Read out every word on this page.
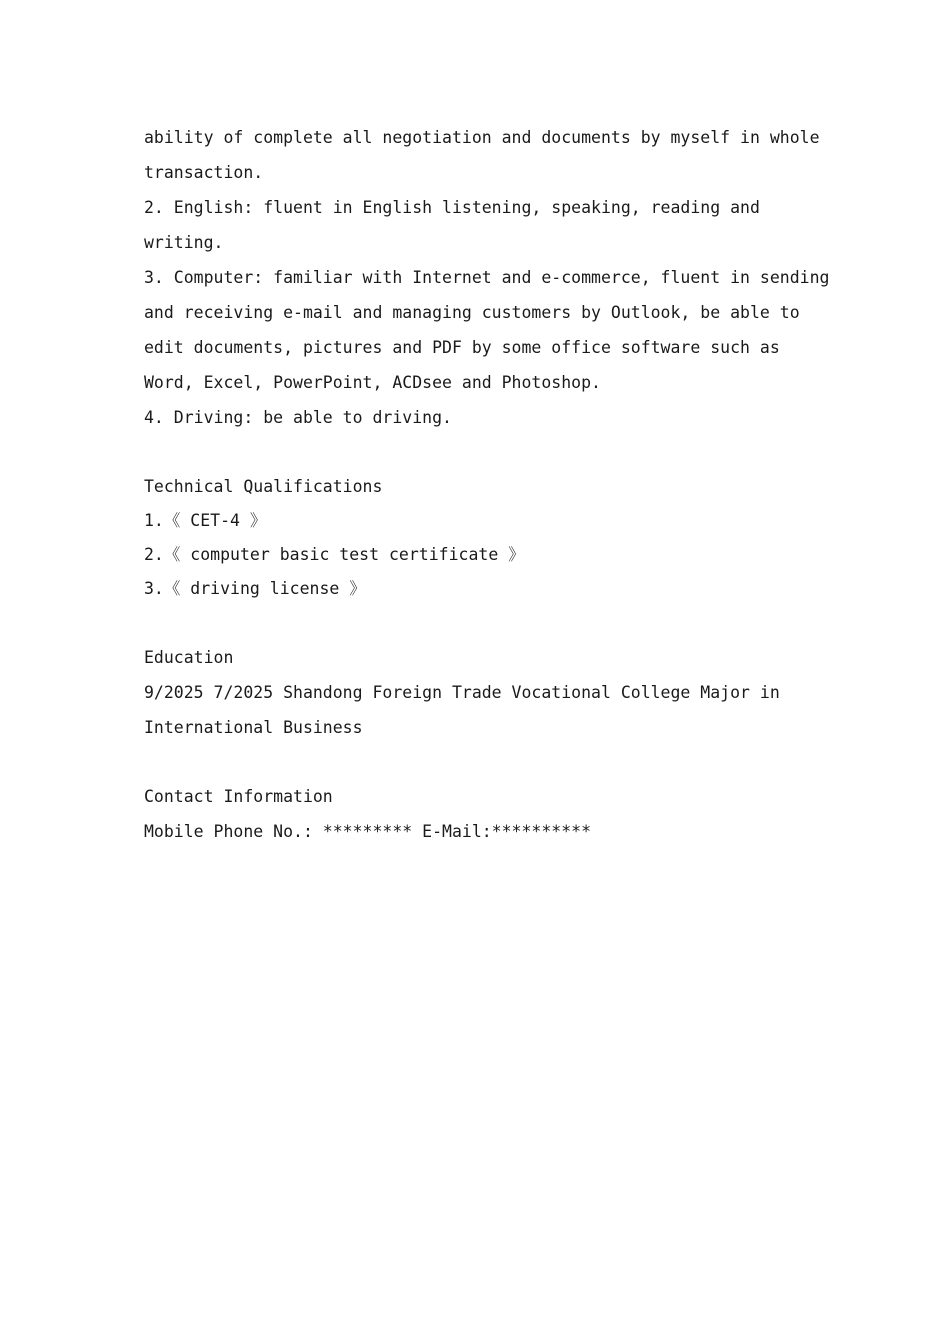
ability of complete all negotiation and documents by myself in whole
transaction.
2. English: fluent in English listening, speaking, reading and
writing.
3. Computer: familiar with Internet and e-commerce, fluent in sending
and receiving e-mail and managing customers by Outlook, be able to
edit documents, pictures and PDF by some office software such as
Word, Excel, PowerPoint, ACDsee and Photoshop.
4. Driving: be able to driving.
Technical Qualifications
1.《 CET-4 》
2.《 computer basic test certificate 》
3.《 driving license 》
Education
9/2025 7/2025 Shandong Foreign Trade Vocational College Major in
International Business
Contact Information
Mobile Phone No.: ********* E-Mail:**********
